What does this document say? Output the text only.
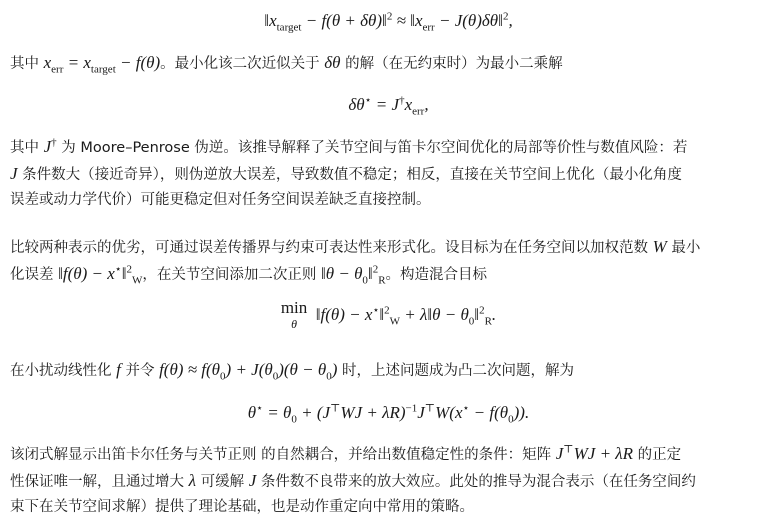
$‖x_{target} - f(\theta$ + δθ)‖$^2$ ≈ $‖x_{err}$ − J(θ)δθ‖$^2$,
其中 $x_{err} = x_{target} - f(\theta)$。最小化该二次近似关于 δθ 的解（在无约束时）为最小二乘解
$\delta\theta^⋆ = J^\dagger x_{err}$,
其中 J† 为 Moore–Penrose 伪逆。该推导解释了关节空间与笛卡尔空间优化的局部等价性与数值风险：若
J 条件数大（接近奇异），则伪逆放大误差，导致数值不稳定；相反，直接在关节空间上优化（最小化角度
误差或动力学代价）可能更稳定但对任务空间误差缺乏直接控制。
比较两种表示的优劣，可通过误差传播界与约束可表达性来形式化。设目标为在任务空间以加权范数 W 最小
化误差 ‖f(θ) − x⋆‖$^2_W$，在关节空间添加二次正则 ‖θ − $\theta_0‖^2_R$。构造混合目标
min
θ
‖f(θ) − x⋆‖$^2_W$ + λ‖θ − $\theta_0‖^2_R$.
在小扰动线性化 f 并令 $f(\theta) \approx f(\theta_0) + J(\theta_0)(\theta - \theta_0)$ 时，上述问题成为凸二次问题，解为
$\theta^⋆ = \theta_0 + (J^⊤WJ + \lambda R)^{-1}J^⊤W(x^⋆ - f(\theta_0))$.
该闭式解显示出笛卡尔任务与关节正则 的自然耦合，并给出数值稳定性的条件：矩阵 J⊤WJ + λR 的正定
性保证唯一解，且通过增大 λ 可缓解 J 条件数不良带来的放大效应。此处的推导为混合表示（在任务空间约
束下在关节空间求解）提供了理论基础，也是动作重定向中常用的策略。
